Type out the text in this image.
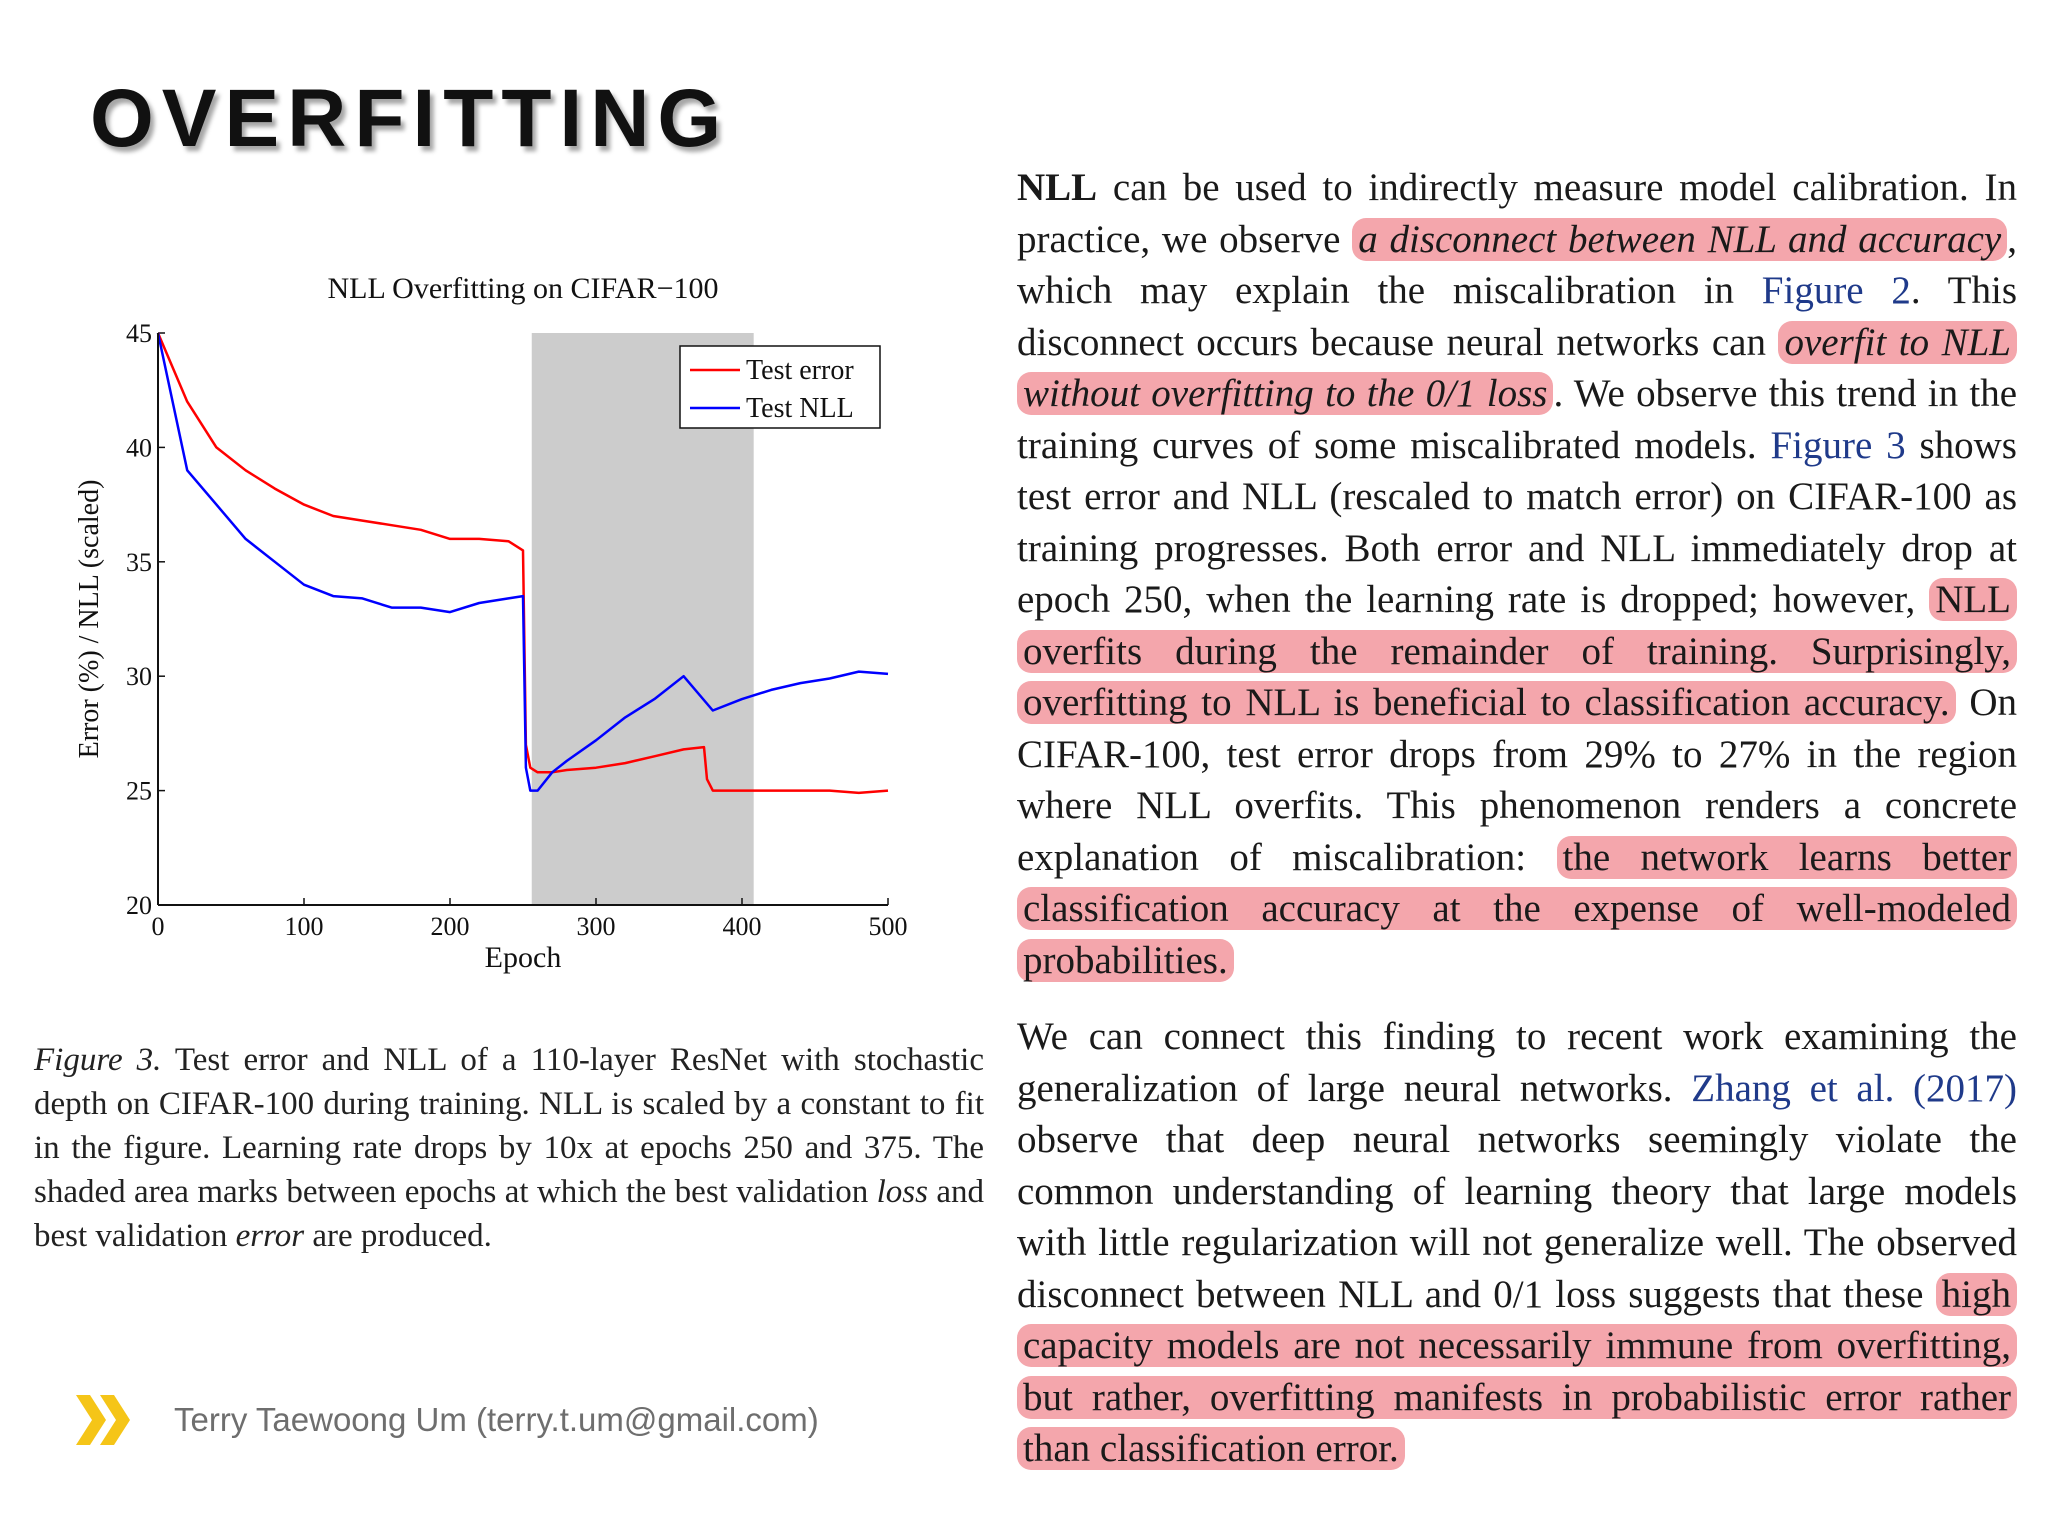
OVERFITTING
NLL Overfitting on CIFAR−100
0	100	200	300	400	500
20
25
30
35
40
45
Epoch
Error (%) / NLL (scaled)
Test error
Test NLL
Figure 3. Test error and NLL of a 110-layer ResNet with stochastic depth on CIFAR-100 during training. NLL is scaled by a constant to fit in the figure. Learning rate drops by 10x at epochs 250 and 375. The shaded area marks between epochs at which the best validation loss and best validation error are produced.

NLL can be used to indirectly measure model calibration. In practice, we observe a disconnect between NLL and accuracy , which may explain the miscalibration in Figure 2. This disconnect occurs because neural networks can overfit to NLL without overfitting to the 0/1 loss . We observe this trend in the training curves of some miscalibrated models. Figure 3 shows test error and NLL (rescaled to match error) on CIFAR-100 as training progresses. Both error and NLL immediately drop at epoch 250, when the learning rate is dropped; however, NLL overfits during the remainder of training. Surprisingly, overfitting to NLL is beneficial to classification accuracy. On CIFAR-100, test error drops from 29% to 27% in the region where NLL overfits. This phenomenon renders a concrete explanation of miscalibration: the network learns better classification accuracy at the expense of well-modeled probabilities.

We can connect this finding to recent work examining the generalization of large neural networks. Zhang et al. (2017) observe that deep neural networks seemingly violate the common understanding of learning theory that large models with little regularization will not generalize well. The observed disconnect between NLL and 0/1 loss suggests that these high capacity models are not necessarily immune from overfitting, but rather, overfitting manifests in probabilistic error rather than classification error.

Terry Taewoong Um (terry.t.um@gmail.com)
